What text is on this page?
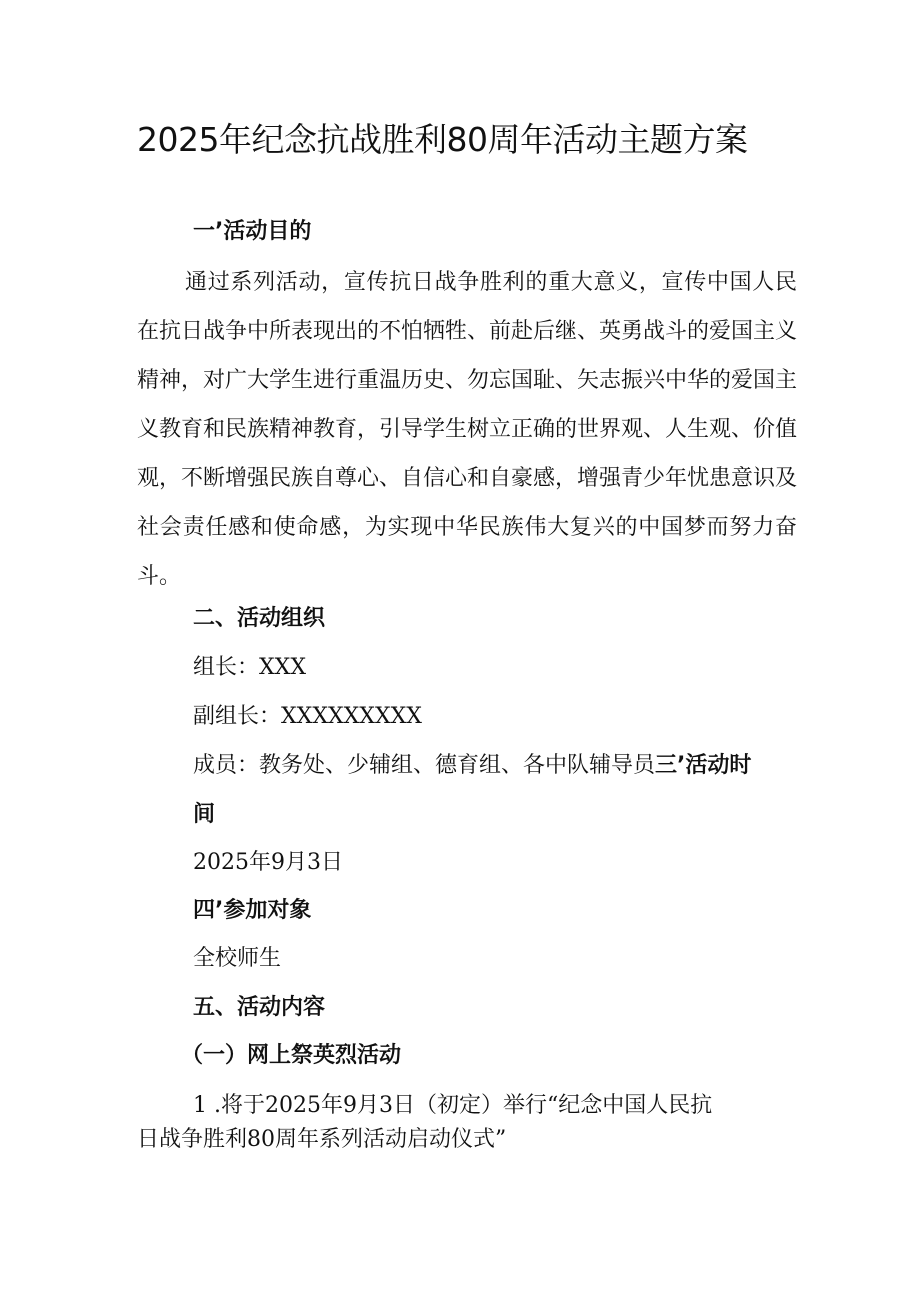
2025年纪念抗战胜利80周年活动主题方案
一’活动目的

通过系列活动，宣传抗日战争胜利的重大意义，宣传中国人民在抗日战争中所表现出的不怕牺牲、前赴后继、英勇战斗的爱国主义精神，对广大学生进行重温历史、勿忘国耻、矢志振兴中华的爱国主义教育和民族精神教育，引导学生树立正确的世界观、人生观、价值观，不断增强民族自尊心、自信心和自豪感，增强青少年忧患意识及社会责任感和使命感，为实现中华民族伟大复兴的中国梦而努力奋斗。

二、活动组织
组长：XXX
副组长：XXXXXXXXX
成员：教务处、少辅组、德育组、各中队辅导员三’活动时
间
2025年9月3日
四’参加对象
全校师生
五、活动内容
（一）网上祭英烈活动
1 .将于2025年9月3日（初定）举行“纪念中国人民抗
日战争胜利80周年系列活动启动仪式”
